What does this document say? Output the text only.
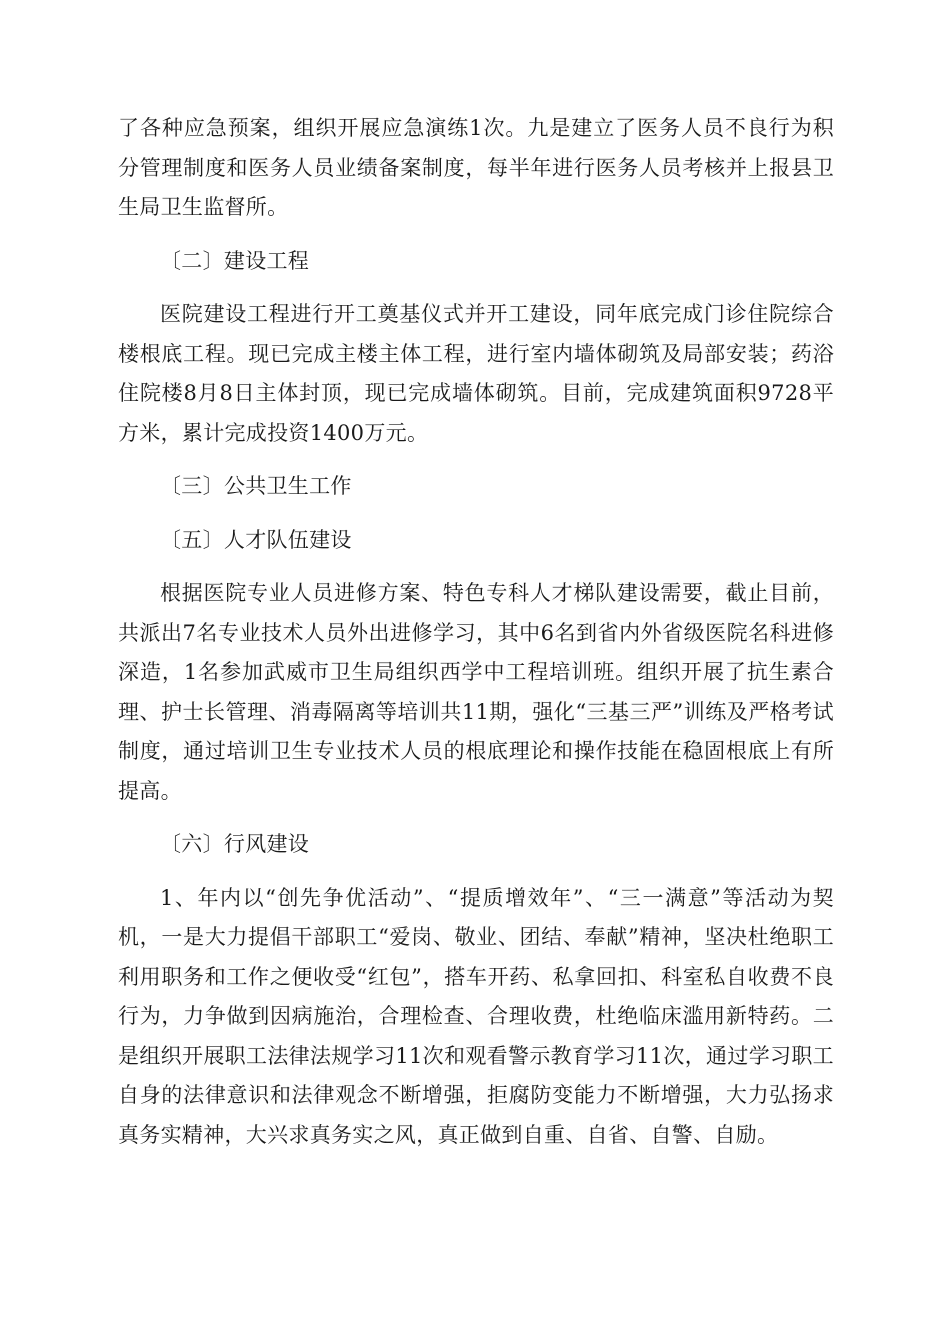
了各种应急预案，组织开展应急演练1次。九是建立了医务人员不良行为积分管理制度和医务人员业绩备案制度，每半年进行医务人员考核并上报县卫生局卫生监督所。

〔二〕建设工程

医院建设工程进行开工奠基仪式并开工建设，同年底完成门诊住院综合楼根底工程。现已完成主楼主体工程，进行室内墙体砌筑及局部安装；药浴住院楼8月8日主体封顶，现已完成墙体砌筑。目前，完成建筑面积9728平方米，累计完成投资1400万元。

〔三〕公共卫生工作

〔五〕人才队伍建设

根据医院专业人员进修方案、特色专科人才梯队建设需要，截止目前，共派出7名专业技术人员外出进修学习，其中6名到省内外省级医院名科进修深造，1名参加武威市卫生局组织西学中工程培训班。组织开展了抗生素合理、护士长管理、消毒隔离等培训共11期，强化“三基三严”训练及严格考试制度，通过培训卫生专业技术人员的根底理论和操作技能在稳固根底上有所提高。

〔六〕行风建设

1、年内以“创先争优活动”、“提质增效年”、“三一满意”等活动为契机，一是大力提倡干部职工“爱岗、敬业、团结、奉献”精神，坚决杜绝职工利用职务和工作之便收受“红包”，搭车开药、私拿回扣、科室私自收费不良行为，力争做到因病施治，合理检查、合理收费，杜绝临床滥用新特药。二是组织开展职工法律法规学习11次和观看警示教育学习11次，通过学习职工自身的法律意识和法律观念不断增强，拒腐防变能力不断增强，大力弘扬求真务实精神，大兴求真务实之风，真正做到自重、自省、自警、自励。
